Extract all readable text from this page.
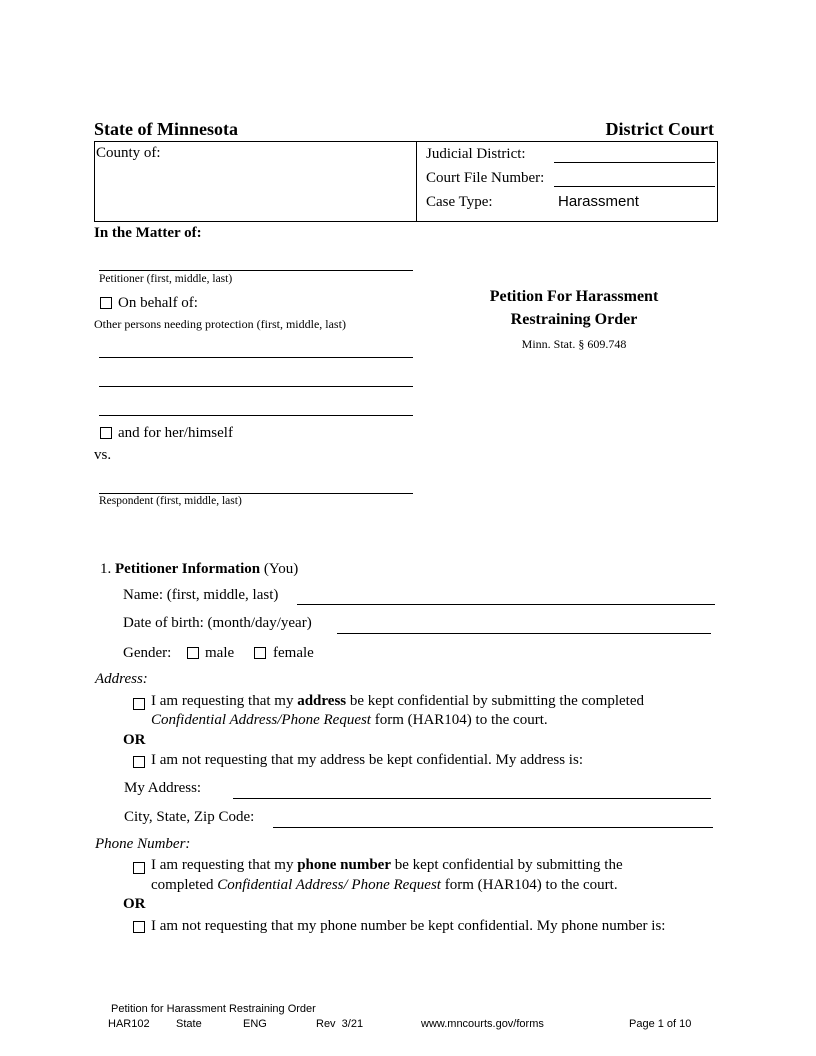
State of Minnesota	District Court
County of:	Judicial District:
Court File Number:
Case Type:	Harassment
In the Matter of:
Petitioner (first, middle, last)
On behalf of:
Other persons needing protection (first, middle, last)
and for her/himself
vs.
Respondent (first, middle, last)
Petition For Harassment
Restraining Order
Minn. Stat. § 609.748
1. Petitioner Information (You)
Name: (first, middle, last)
Date of birth: (month/day/year)
Gender: male	female
Address:
I am requesting that my address be kept confidential by submitting the completed
Confidential Address/Phone Request form (HAR104) to the court.
OR
I am not requesting that my address be kept confidential. My address is:
My Address:
City, State, Zip Code:
Phone Number:
I am requesting that my phone number be kept confidential by submitting the
completed Confidential Address/ Phone Request form (HAR104) to the court.
OR
I am not requesting that my phone number be kept confidential. My phone number is:
Petition for Harassment Restraining Order
HAR102 State	ENG	Rev  3/21	www.mncourts.gov/forms	Page 1 of 10
